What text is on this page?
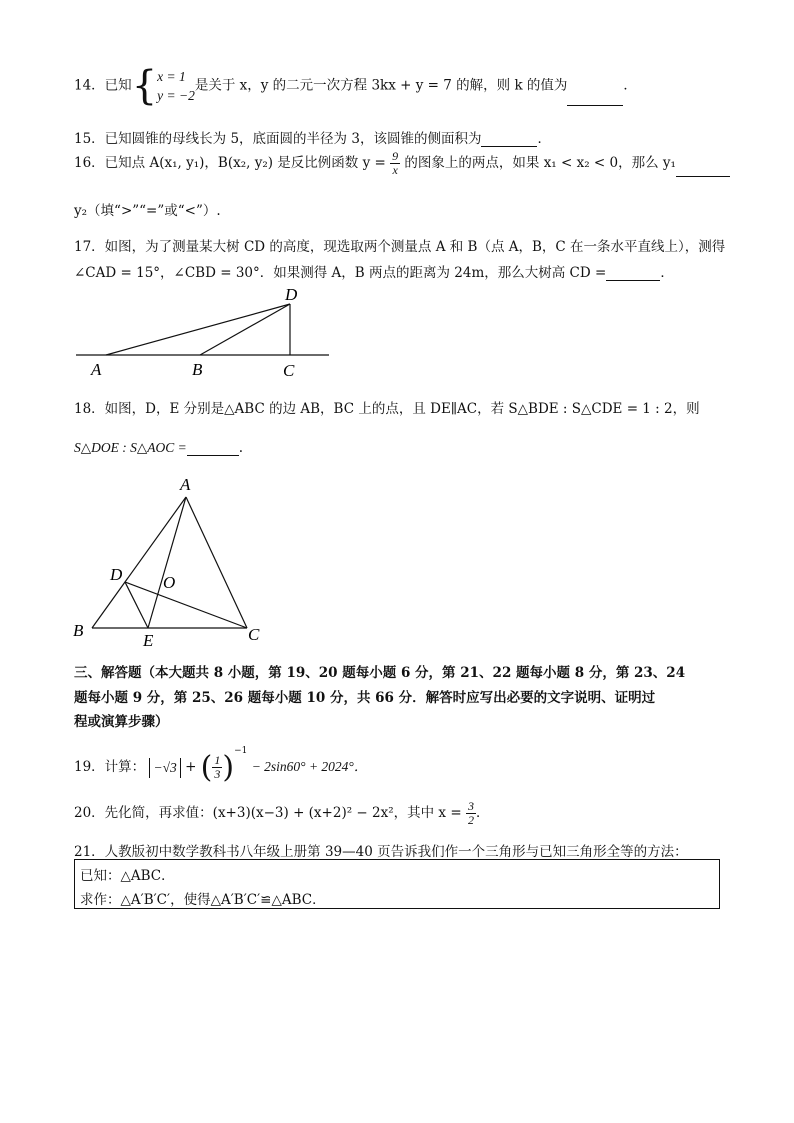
14．已知{ x = 1
y = −2
是关于 x，y 的二元一次方程 3kx + y = 7 的解，则 k 的值为	．
15．已知圆锥的母线长为 5，底面圆的半径为 3，该圆锥的侧面积为	．
16．已知点 A(x₁, y₁)，B(x₂, y₂) 是反比例函数 $y = \frac{9}{x}$ 的图象上的两点，如果 x₁ < x₂ < 0，那么 y₁
y₂（填“>”“=”或“<”）.
17．如图，为了测量某大树 CD 的高度，现选取两个测量点 A 和 B（点 A，B，C 在一条水平直线上），测得
∠CAD = 15°，∠CBD = 30°．如果测得 A，B 两点的距离为 24m，那么大树高 CD =	．
A	B	C
D
A
B	C
D
E
O
18．如图，D，E 分别是△ABC 的边 AB，BC 上的点，且 DE∥AC，若 S△BDE : S△CDE = 1 : 2，则
S△DOE : S△AOC =	.
三、解答题（本大题共 8 小题，第 19、20 题每小题 6 分，第 21、22 题每小题 8 分，第 23、24
题每小题 9 分，第 25、26 题每小题 10 分，共 66 分．解答时应写出必要的文字说明、证明过
程或演算步骤）
19．计算： −√3 + ( $\frac{1}{3} )^{-1} - 2\sin 60^\circ + 2024^\circ$．
20．先化简，再求值：(x+3)(x−3) + (x+2)² − 2x²，其中 $x = \frac{3}{2}$ ．
21．人教版初中数学教科书八年级上册第 39—40 页告诉我们作一个三角形与已知三角形全等的方法：
已知：△ABC．
求作：△A′B′C′，使得△A′B′C′≌△ABC．
